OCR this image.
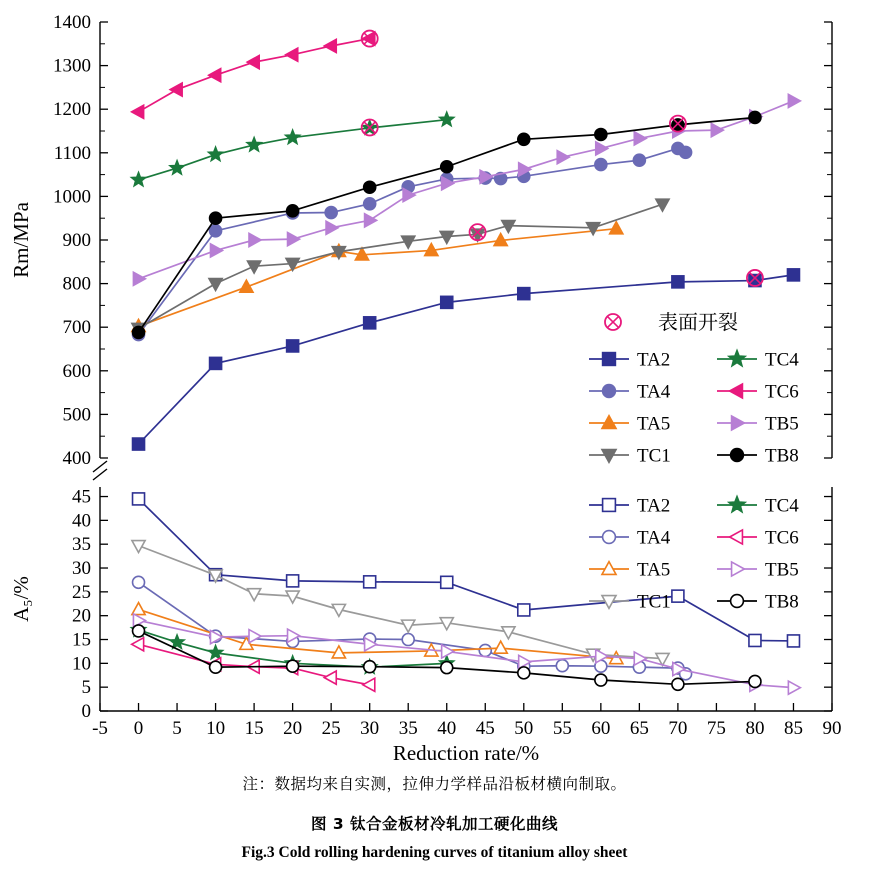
400
500
600
700
800
900
1000
1100
1200
1300
1400
0
5
10
15
20
25
30
35
40
45
-5 0 5 10 15 20 25 30 35 40 45 50 55 60 65 70 75 80 85 90
Reduction rate/%
Rm/MPa
A₅/%
表面开裂
TA2
TA4
TA5
TC1
TC4
TC6
TB5
TB8
TA2
TA4
TA5
TC1
TC4
TC6
TB5
TB8
注：数据均来自实测，拉伸力学样品沿板材横向制取。
图 3 钛合金板材冷轧加工硬化曲线
Fig.3 Cold rolling hardening curves of titanium alloy sheet
